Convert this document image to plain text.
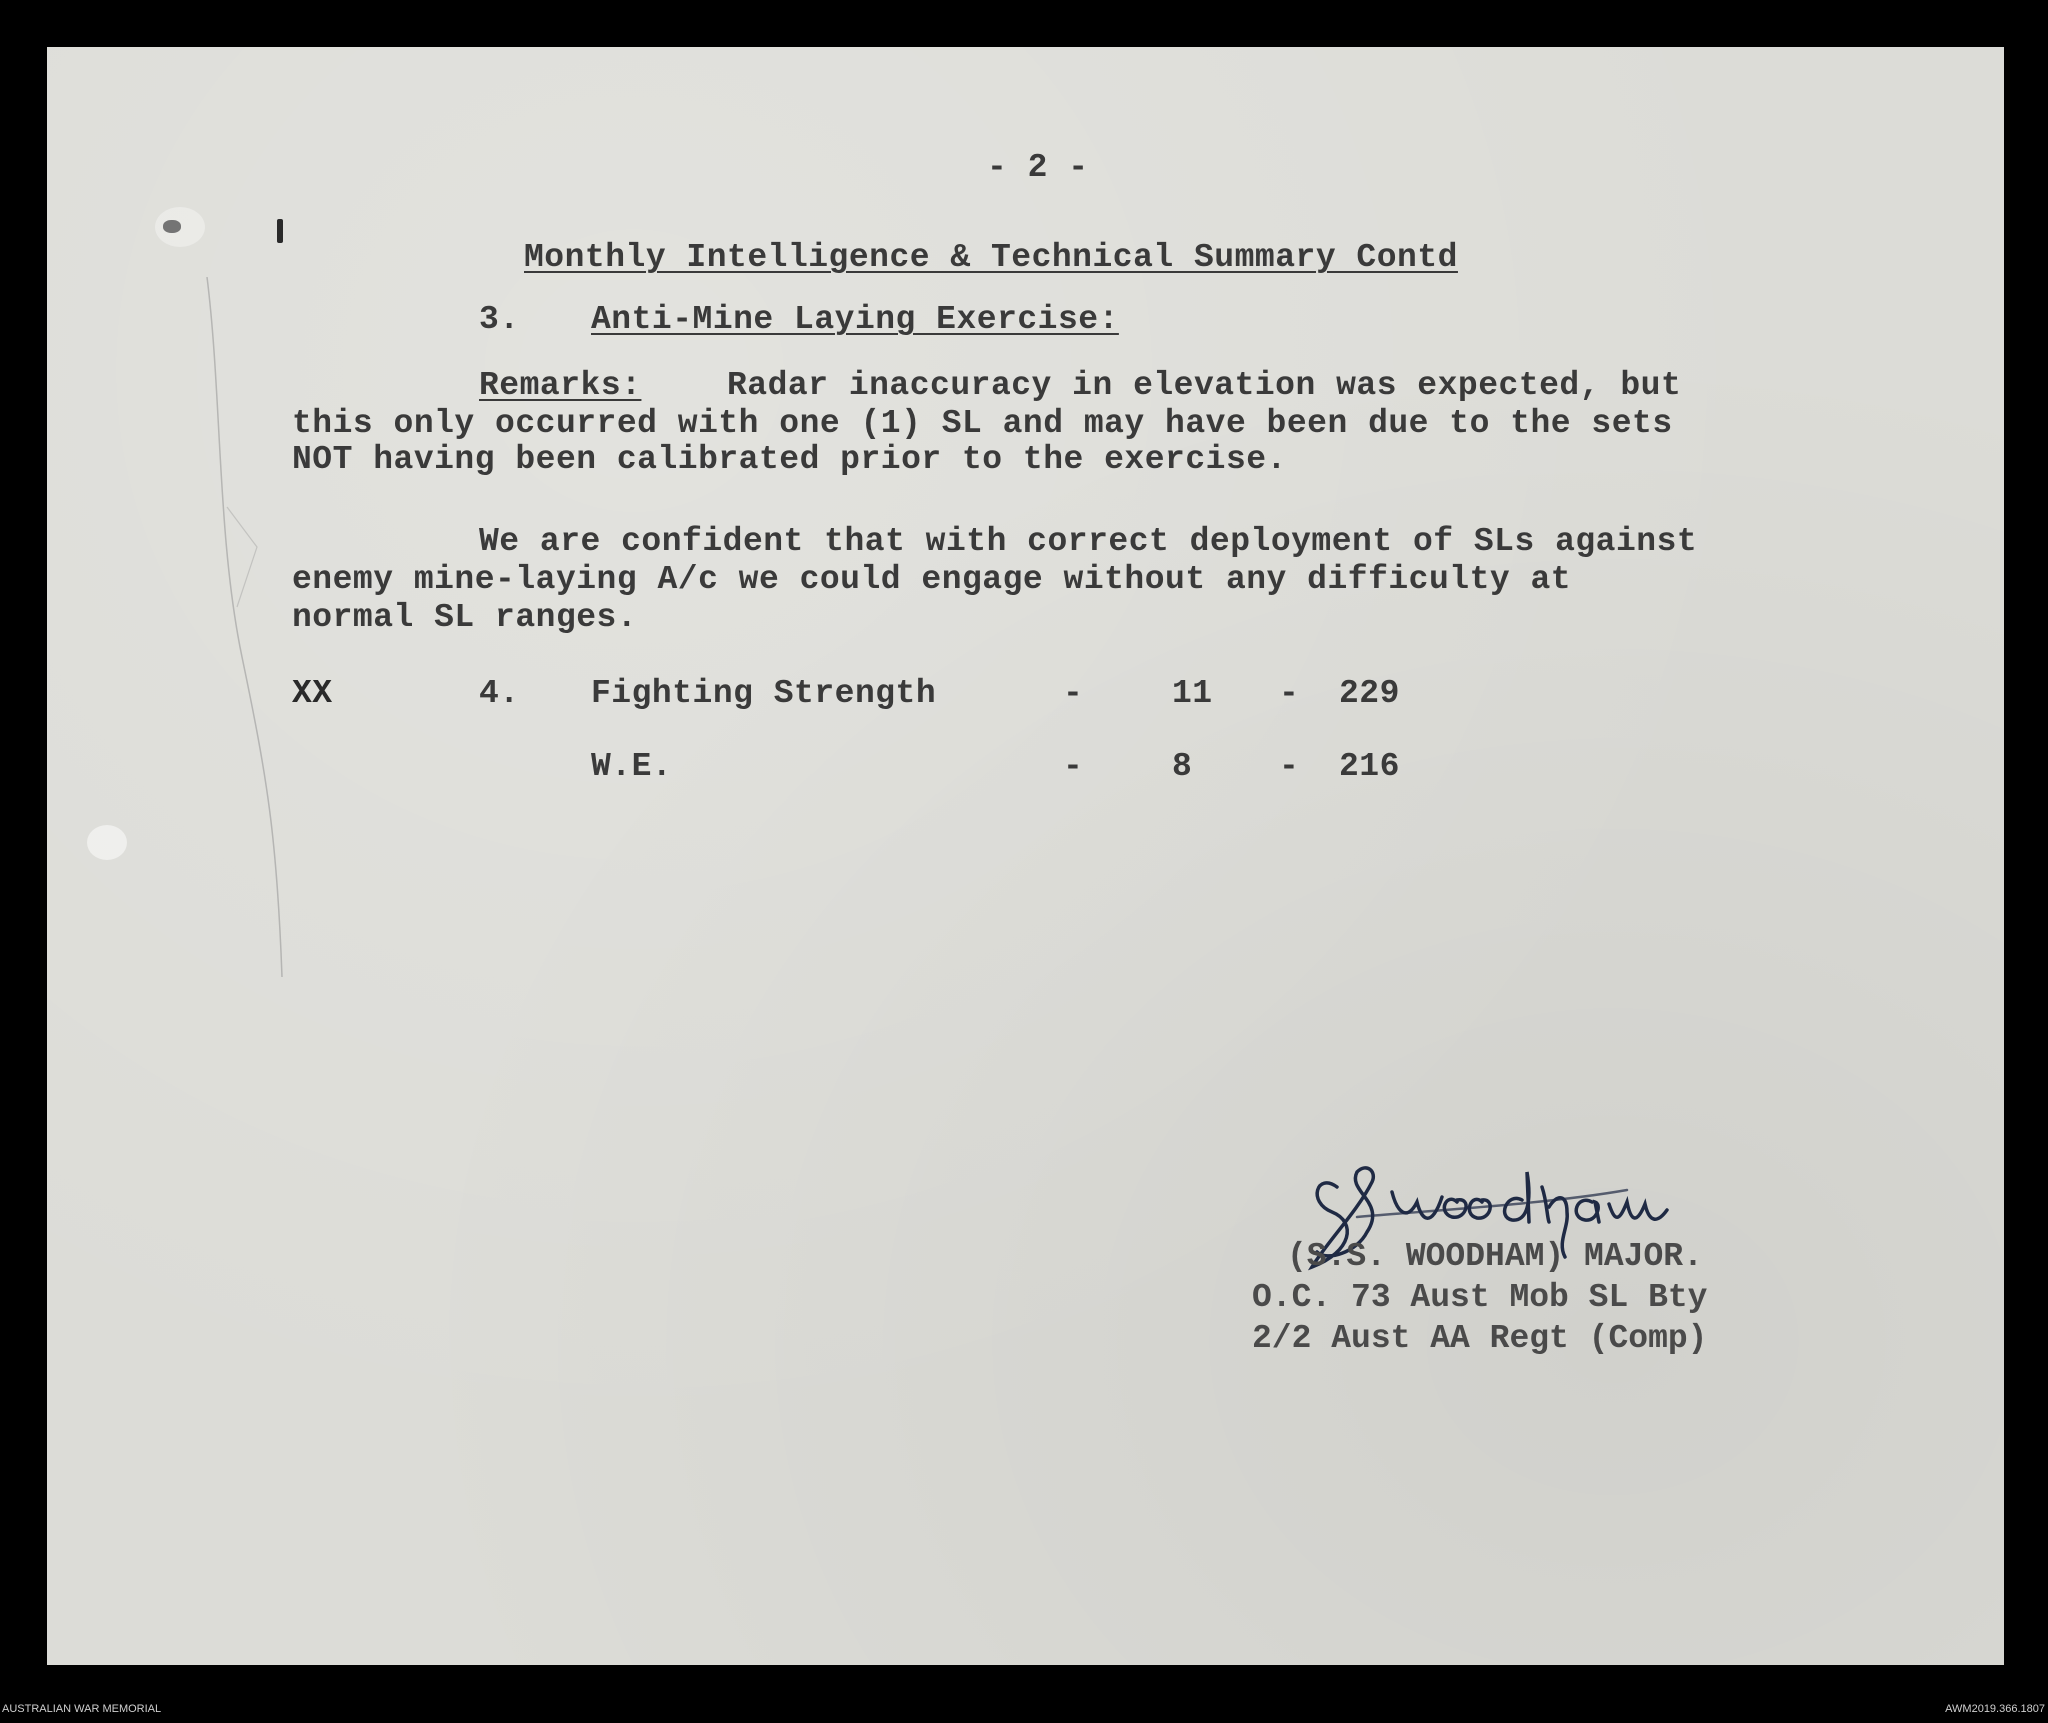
- 2 -
Monthly Intelligence & Technical Summary Contd
3. Anti-Mine Laying Exercise:
Remarks:	Radar inaccuracy in elevation was expected, but
this only occurred with one (1) SL and may have been due to the sets
NOT having been calibrated prior to the exercise.
We are confident that with correct deployment of SLs against
enemy mine-laying A/c we could engage without any difficulty at
normal SL ranges.
XX	4. Fighting Strength	-	11 - 229
W.E.	-	8	- 216
(S.S. WOODHAM) MAJOR.
O.C. 73 Aust Mob SL Bty
2/2 Aust AA Regt (Comp)
AUSTRALIAN WAR MEMORIAL	AWM2019.366.1807
